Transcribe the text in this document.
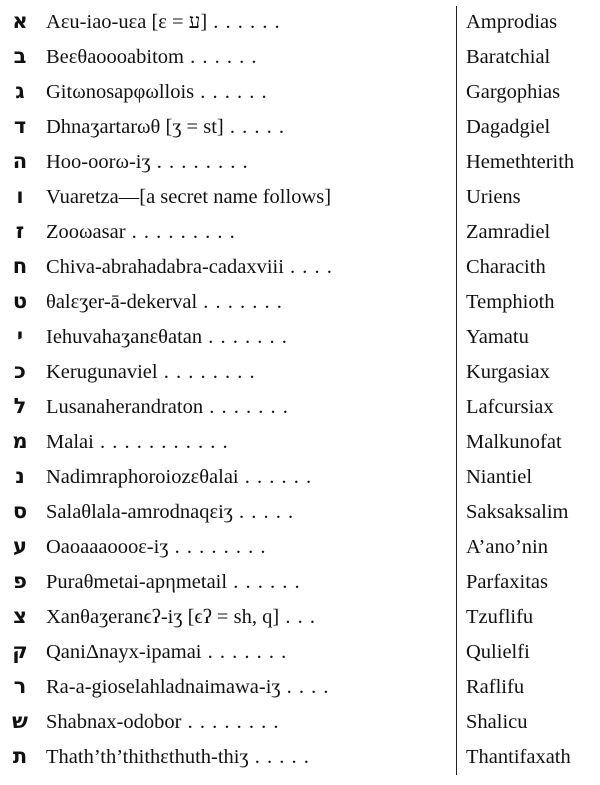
א Aεu-iao-uεa [ε = ע] . . . . . .	Amprodias
ב Beεθaoooabitom . . . . . .	Baratchial
ג	Gitωnosapφωllois . . . . . .	Gargophias
ד Dhnaʒartarωθ [ʒ = st] . . . . .	Dagadgiel
ה Hoo-oorω-iʒ . . . . . . . .	Hemethterith
ו	Vuaretza—[a secret name follows]	Uriens
ז	Zooωasar . . . . . . . . .	Zamradiel
ח Chiva-abrahadabra-cadaxviii . . . .	Characith
ט θalεʒer-ā-dekerval . . . . . . .	Temphioth
י	Iehuvahaʒanεθatan . . . . . . .	Yamatu
כ Kerugunaviel . . . . . . . .	Kurgasiax
ל Lusanaherandraton . . . . . . .	Lafcursiax
מ Malai . . . . . . . . . . .	Malkunofat
נ	Nadimraphoroiozεθalai . . . . . .	Niantiel
ס Salaθlala-amrodnaqεiʒ . . . . .	Saksaksalim
ע Oaoaaaoooε-iʒ . . . . . . . .	A’ano’nin
פ Puraθmetai-apηmetail . . . . . .	Parfaxitas
צ Xanθaʒeranϵʔ-iʒ [ϵʔ = sh, q] . . .	Tzuflifu
ק QaniΔnayx-ipamai . . . . . . .	Qulielfi
ר Ra-a-gioselahladnaimawa-iʒ . . . .	Raflifu
ש Shabnax-odobor . . . . . . . .	Shalicu
ת Thath’th’thithεthuth-thiʒ . . . . .	Thantifaxath
